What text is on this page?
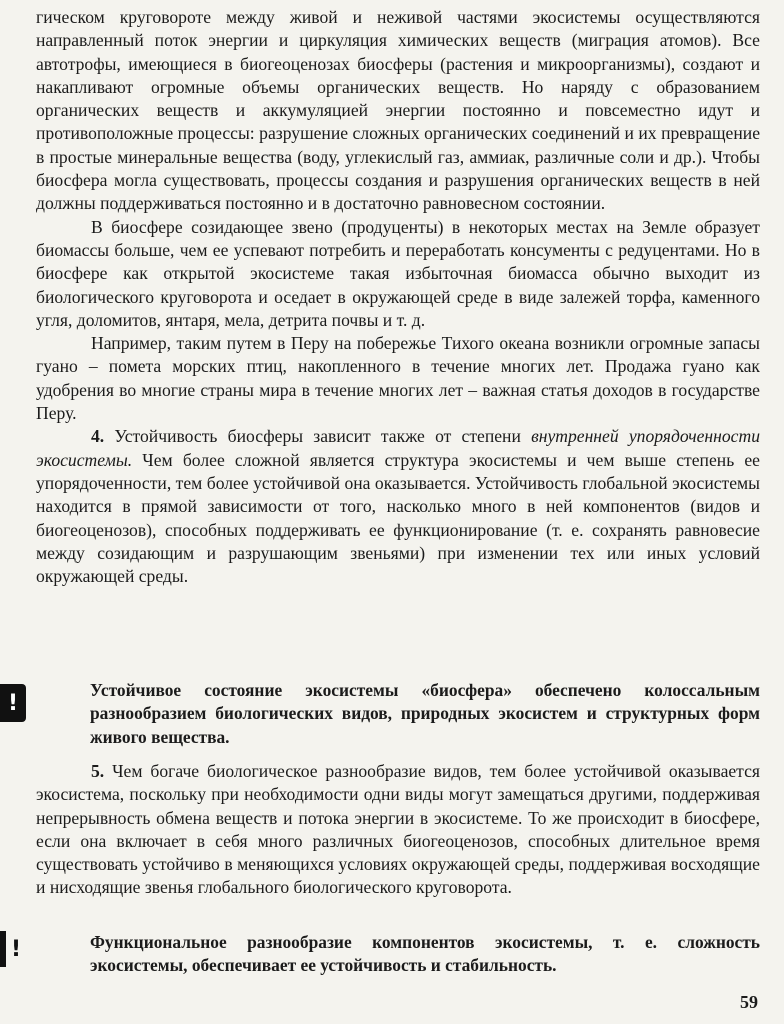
гическом круговороте между живой и неживой частями экосистемы осуществляются направленный поток энергии и циркуляция химических веществ (миграция атомов). Все автотрофы, имеющиеся в биогеоценозах биосферы (растения и микроорганизмы), создают и накапливают огромные объемы органических веществ. Но наряду с образованием органических веществ и аккумуляцией энергии постоянно и повсеместно идут и противоположные процессы: разрушение сложных органических соединений и их превращение в простые минеральные вещества (воду, углекислый газ, аммиак, различные соли и др.). Чтобы биосфера могла существовать, процессы создания и разрушения органических веществ в ней должны поддерживаться постоянно и в достаточно равновесном состоянии.

В биосфере созидающее звено (продуценты) в некоторых местах на Земле образует биомассы больше, чем ее успевают потребить и переработать консументы с редуцентами. Но в биосфере как открытой экосистеме такая избыточная биомасса обычно выходит из биологического круговорота и оседает в окружающей среде в виде залежей торфа, каменного угля, доломитов, янтаря, мела, детрита почвы и т. д.

Например, таким путем в Перу на побережье Тихого океана возникли огромные запасы гуано – помета морских птиц, накопленного в течение многих лет. Продажа гуано как удобрения во многие страны мира в течение многих лет – важная статья доходов в государстве Перу.

4. Устойчивость биосферы зависит также от степени внутренней упорядоченности экосистемы. Чем более сложной является структура экосистемы и чем выше степень ее упорядоченности, тем более устойчивой она оказывается. Устойчивость глобальной экосистемы находится в прямой зависимости от того, насколько много в ней компонентов (видов и биогеоценозов), способных поддерживать ее функционирование (т. е. сохранять равновесие между созидающим и разрушающим звеньями) при изменении тех или иных условий окружающей среды.

!
Устойчивое состояние экосистемы «биосфера» обеспечено колоссальным разнообразием биологических видов, природных экосистем и структурных форм живого вещества.
5. Чем богаче биологическое разнообразие видов, тем более устойчивой оказывается экосистема, поскольку при необходимости одни виды могут замещаться другими, поддерживая непрерывность обмена веществ и потока энергии в экосистеме. То же происходит в биосфере, если она включает в себя много различных биогеоценозов, способных длительное время существовать устойчиво в меняющихся условиях окружающей среды, поддерживая восходящие и нисходящие звенья глобального биологического круговорота.
!	Функциональное разнообразие компонентов экосистемы, т. е. сложность экосистемы, обеспечивает ее устойчивость и стабильность.
59
